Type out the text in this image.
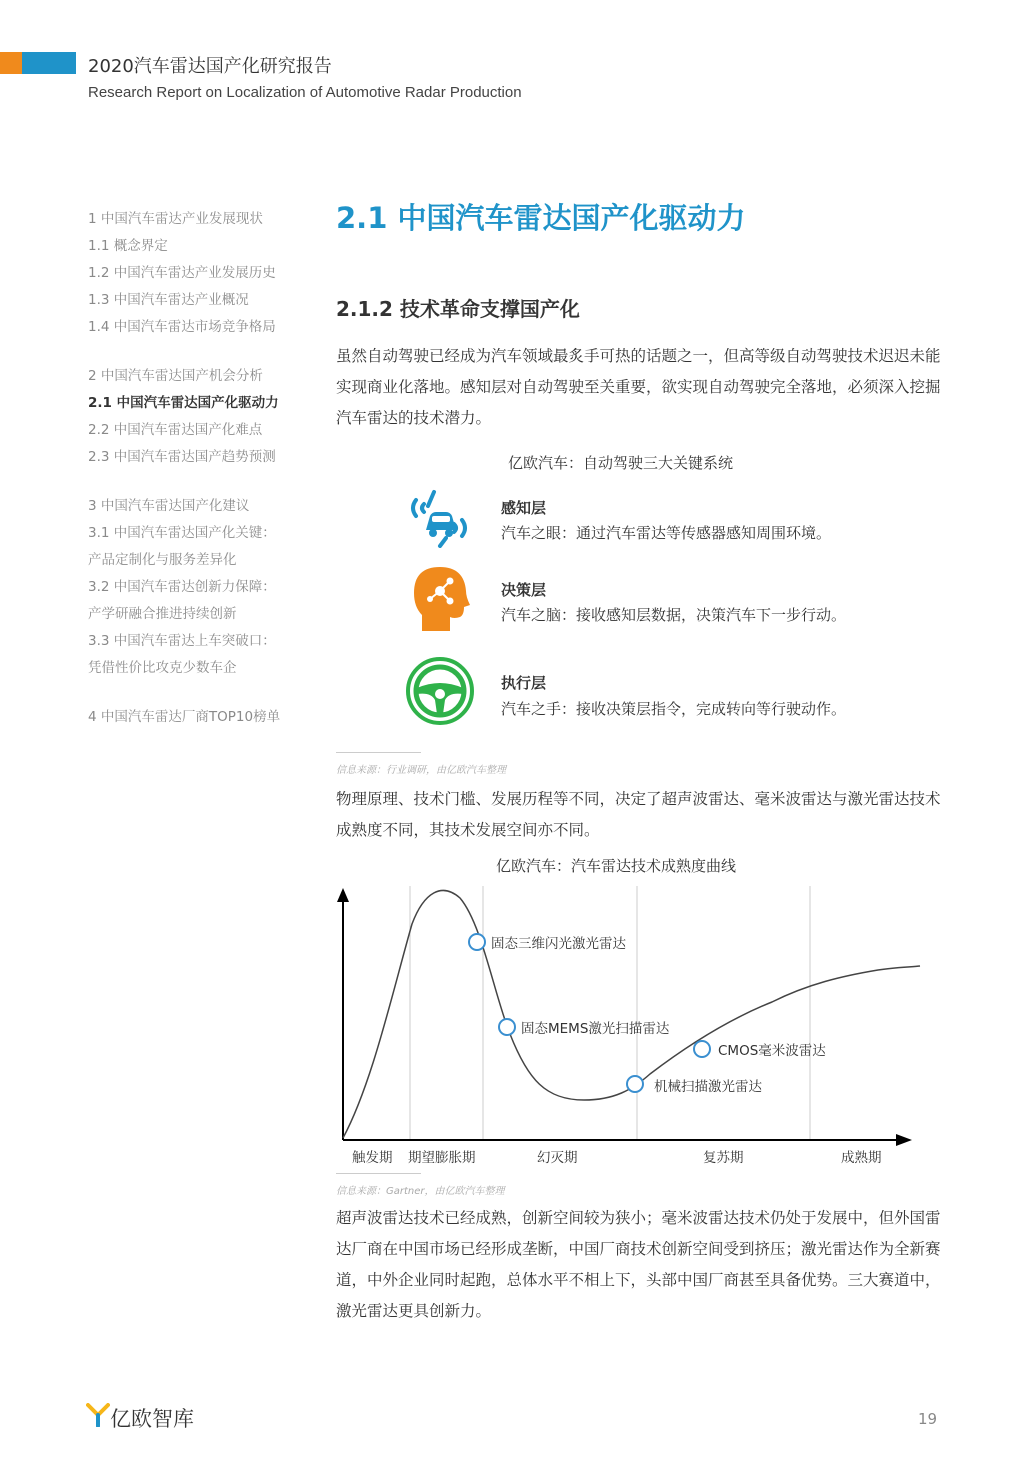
2020汽车雷达国产化研究报告
Research Report on Localization of Automotive Radar Production
1 中国汽车雷达产业发展现状
1.1 概念界定
1.2 中国汽车雷达产业发展历史
1.3 中国汽车雷达产业概况
1.4 中国汽车雷达市场竞争格局
2 中国汽车雷达国产机会分析
2.1 中国汽车雷达国产化驱动力
2.2 中国汽车雷达国产化难点
2.3 中国汽车雷达国产趋势预测
3 中国汽车雷达国产化建议
3.1 中国汽车雷达国产化关键：
产品定制化与服务差异化
3.2 中国汽车雷达创新力保障：
产学研融合推进持续创新
3.3 中国汽车雷达上车突破口：
凭借性价比攻克少数车企
4 中国汽车雷达厂商TOP10榜单
2.1 中国汽车雷达国产化驱动力
2.1.2 技术革命支撑国产化
虽然自动驾驶已经成为汽车领域最炙手可热的话题之一，但高等级自动驾驶技术迟迟未能实现商业化落地。感知层对自动驾驶至关重要，欲实现自动驾驶完全落地，必须深入挖掘汽车雷达的技术潜力。
亿欧汽车：自动驾驶三大关键系统
感知层
汽车之眼：通过汽车雷达等传感器感知周围环境。
决策层
汽车之脑：接收感知层数据，决策汽车下一步行动。
执行层
汽车之手：接收决策层指令，完成转向等行驶动作。
信息来源：行业调研，由亿欧汽车整理
物理原理、技术门槛、发展历程等不同，决定了超声波雷达、毫米波雷达与激光雷达技术成熟度不同，其技术发展空间亦不同。
亿欧汽车：汽车雷达技术成熟度曲线
固态三维闪光激光雷达
固态MEMS激光扫描雷达
机械扫描激光雷达
CMOS毫米波雷达
触发期 期望膨胀期	幻灭期	复苏期	成熟期
信息来源：Gartner，由亿欧汽车整理
超声波雷达技术已经成熟，创新空间较为狭小；毫米波雷达技术仍处于发展中，但外国雷达厂商在中国市场已经形成垄断，中国厂商技术创新空间受到挤压；激光雷达作为全新赛道，中外企业同时起跑，总体水平不相上下，头部中国厂商甚至具备优势。三大赛道中，激光雷达更具创新力。
亿欧智库	19
